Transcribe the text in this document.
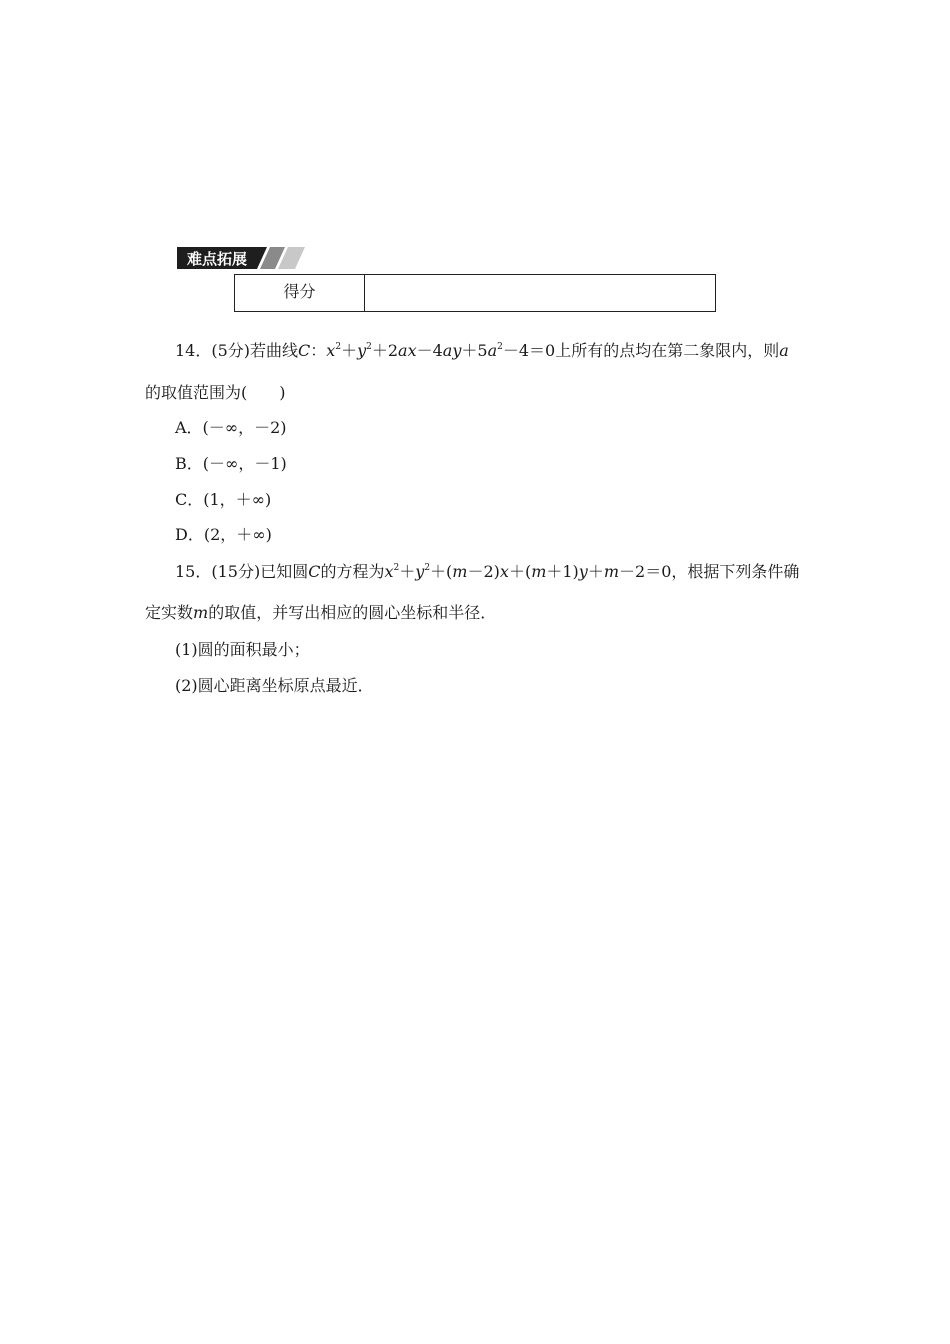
难点拓展
得分
14．(5分)若曲线C：$x^2+y^2+2ax-4ay+5a^2-4=0$上所有的点均在第二象限内，则a
的取值范围为(　　)
A．(－∞，－2)
B．(－∞，－1)
C．(1，＋∞)
D．(2，＋∞)
15．(15分)已知圆C的方程为$x^2+y^2+(m-2)x+(m+1)y+m-2=0$，根据下列条件确
定实数m的取值，并写出相应的圆心坐标和半径．
(1)圆的面积最小；
(2)圆心距离坐标原点最近．
